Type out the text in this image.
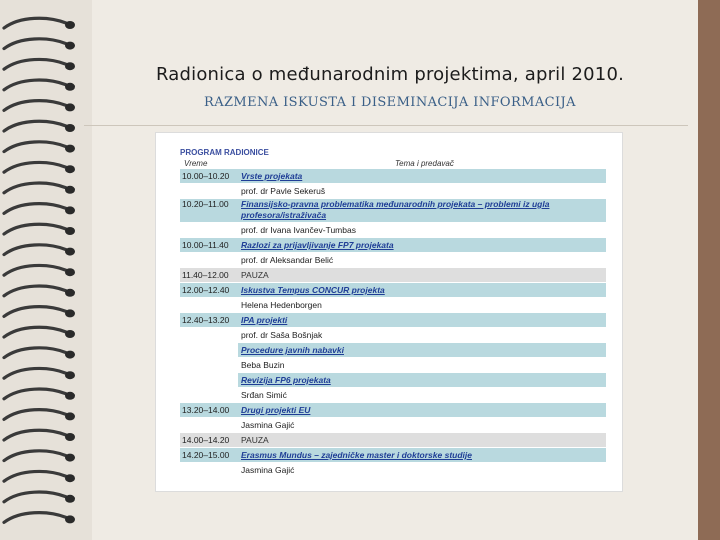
Radionica o međunarodnim projektima, april 2010.
RAZMENA ISKUSTA I DISEMINACIJA INFORMACIJA
PROGRAM RADIONICE
Vreme	Tema i predavač
10.00–10.20	Vrste projekata
prof. dr Pavle Sekeruš
10.20–11.00	Finansijsko-pravna problematika međunarodnih projekata – problemi iz ugla profesora/istraživača
prof. dr Ivana Ivančev-Tumbas
10.00–11.40	Razlozi za prijavljivanje FP7 projekata
prof. dr Aleksandar Belić
11.40–12.00	PAUZA
12.00–12.40	Iskustva Tempus CONCUR projekta
Helena Hedenborgen
12.40–13.20	IPA projekti
prof. dr Saša Bošnjak
Procedure javnih nabavki
Beba Buzin
Revizija FP6 projekata
Srđan Simić
13.20–14.00	Drugi projekti EU
Jasmina Gajić
14.00–14.20	PAUZA
14.20–15.00	Erasmus Mundus – zajedničke master i doktorske studije
Jasmina Gajić
